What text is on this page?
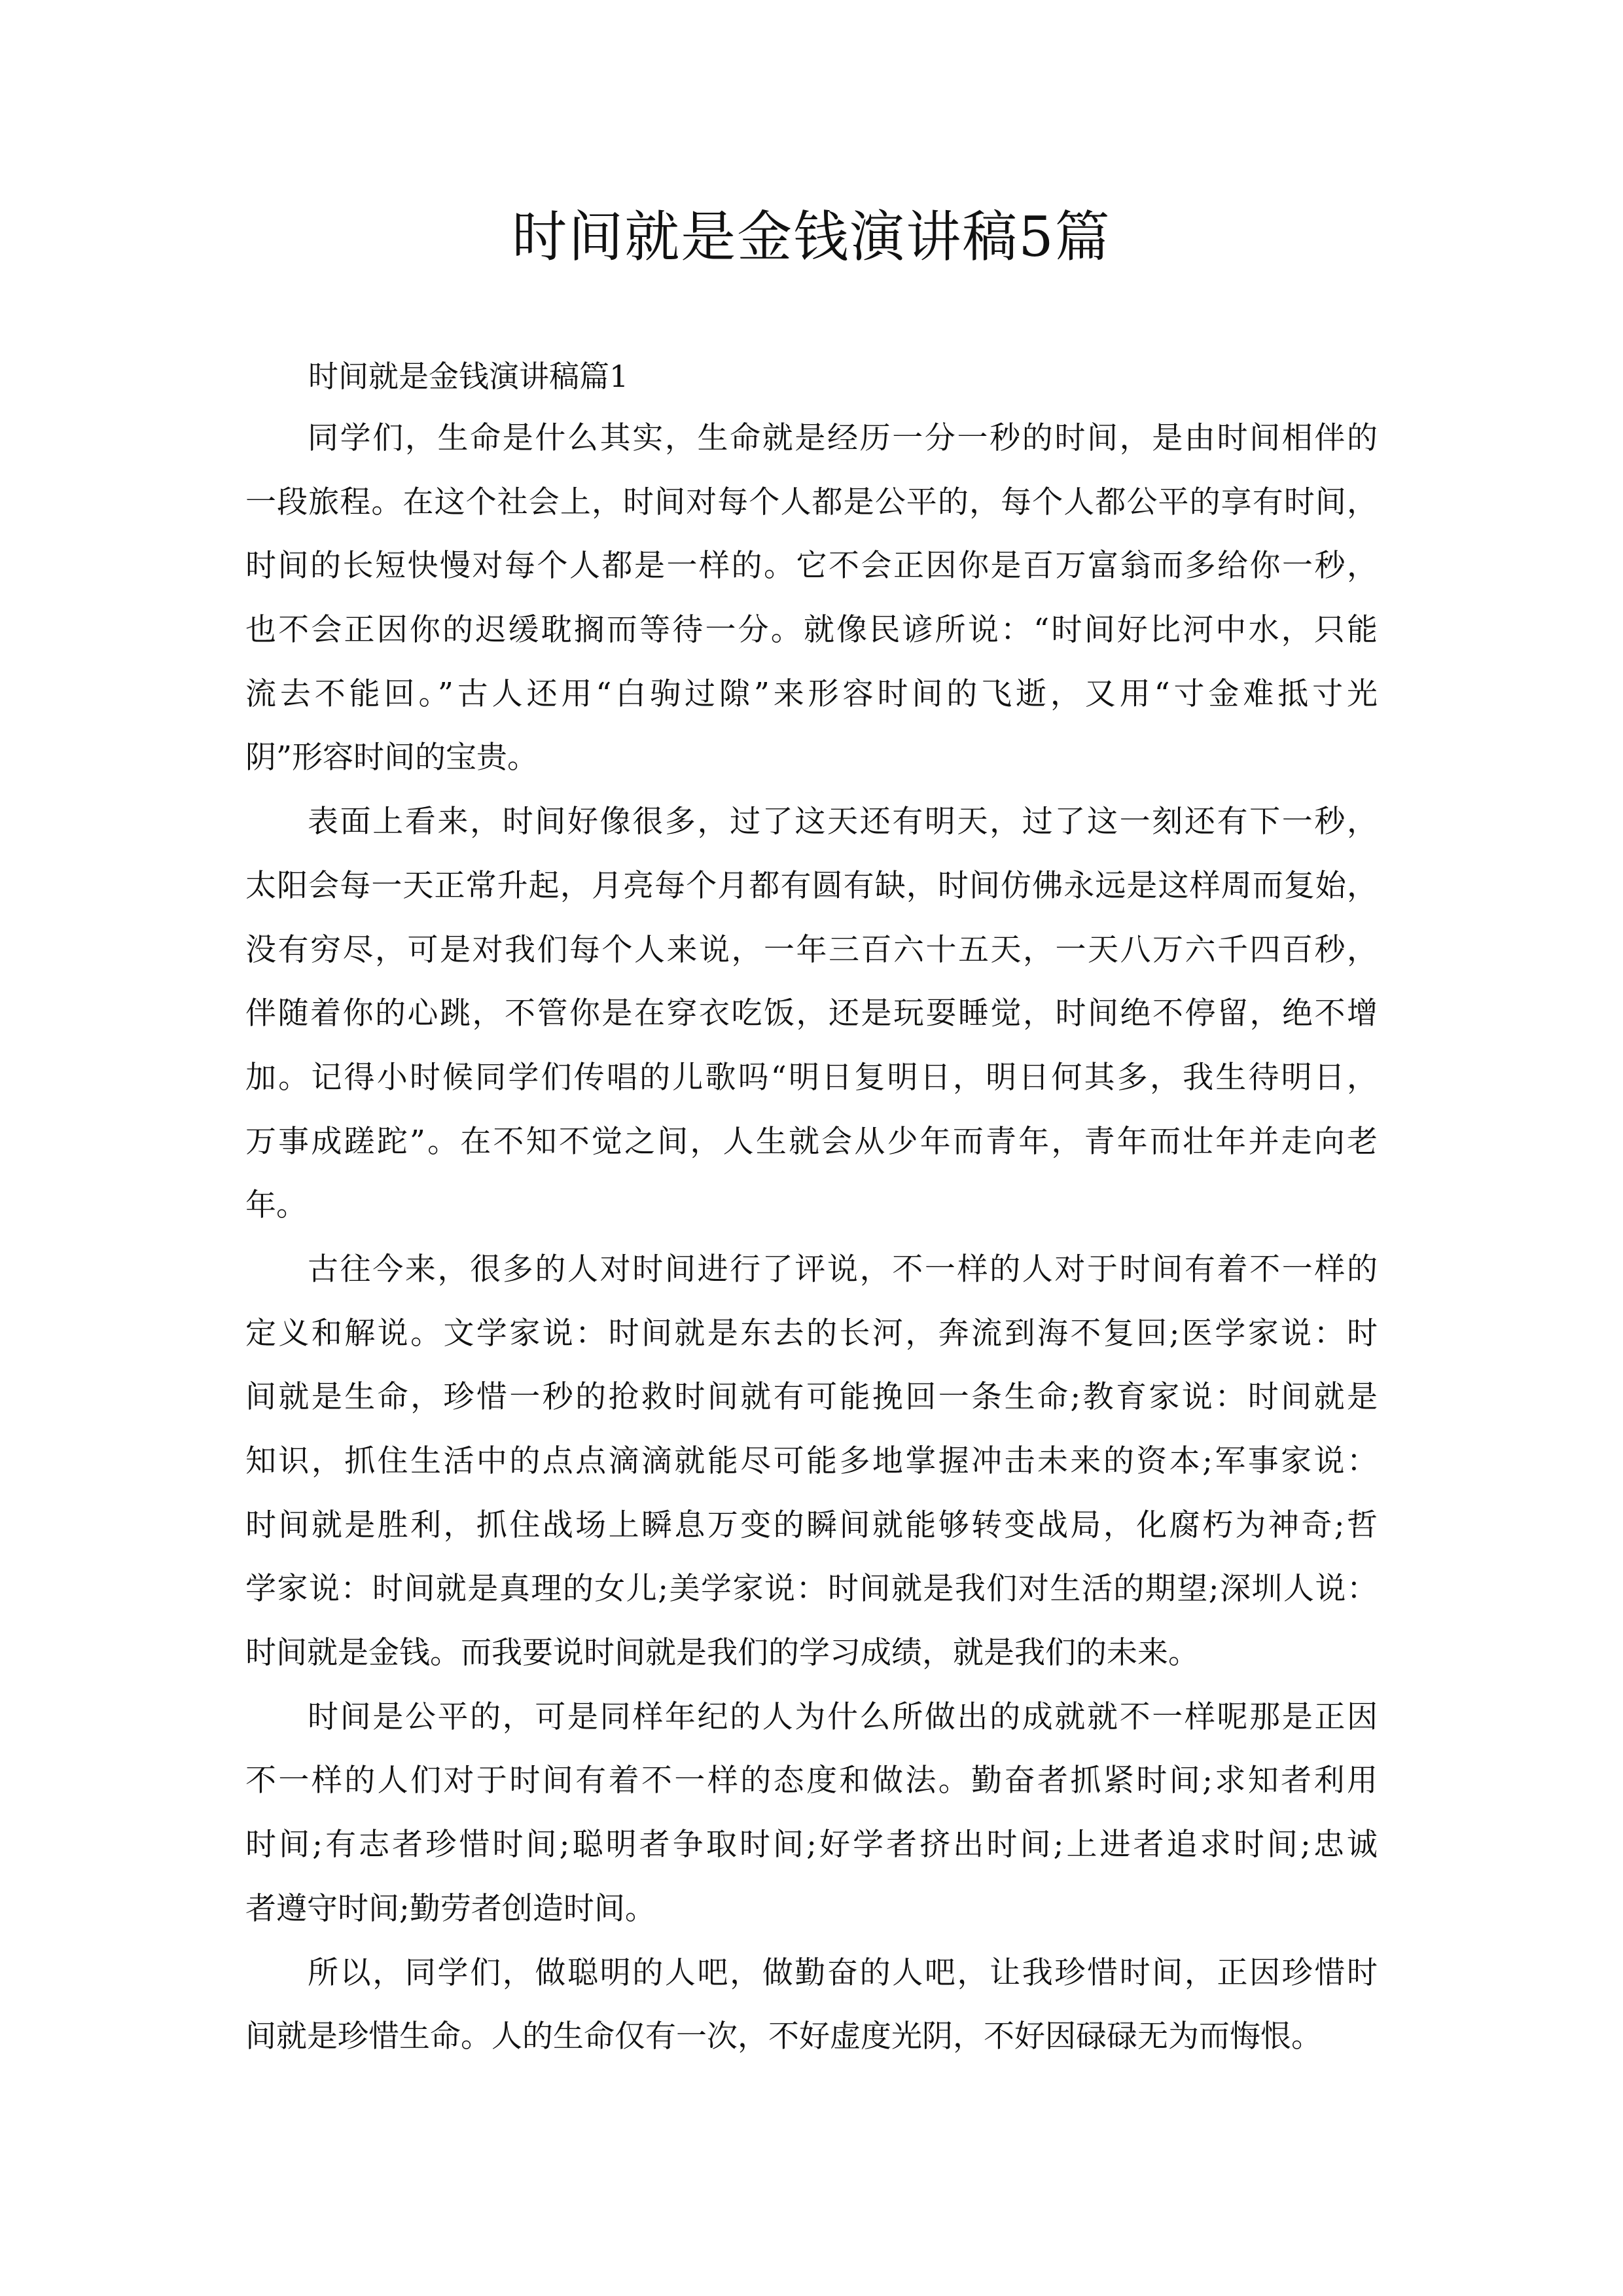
时间就是金钱演讲稿5篇
时间就是金钱演讲稿篇1
同学们，生命是什么其实，生命就是经历一分一秒的时间，是由时间相伴的
一段旅程。在这个社会上，时间对每个人都是公平的，每个人都公平的享有时间，
时间的长短快慢对每个人都是一样的。它不会正因你是百万富翁而多给你一秒，
也不会正因你的迟缓耽搁而等待一分。就像民谚所说：“时间好比河中水，只能
流去不能回。”古人还用“白驹过隙”来形容时间的飞逝，又用“寸金难抵寸光
阴”形容时间的宝贵。
表面上看来，时间好像很多，过了这天还有明天，过了这一刻还有下一秒，
太阳会每一天正常升起，月亮每个月都有圆有缺，时间仿佛永远是这样周而复始，
没有穷尽，可是对我们每个人来说，一年三百六十五天，一天八万六千四百秒，
伴随着你的心跳，不管你是在穿衣吃饭，还是玩耍睡觉，时间绝不停留，绝不增
加。记得小时候同学们传唱的儿歌吗“明日复明日，明日何其多，我生待明日，
万事成蹉跎”。在不知不觉之间，人生就会从少年而青年，青年而壮年并走向老
年。
古往今来，很多的人对时间进行了评说，不一样的人对于时间有着不一样的
定义和解说。文学家说：时间就是东去的长河，奔流到海不复回;医学家说：时
间就是生命，珍惜一秒的抢救时间就有可能挽回一条生命;教育家说：时间就是
知识，抓住生活中的点点滴滴就能尽可能多地掌握冲击未来的资本;军事家说：
时间就是胜利，抓住战场上瞬息万变的瞬间就能够转变战局，化腐朽为神奇;哲
学家说：时间就是真理的女儿;美学家说：时间就是我们对生活的期望;深圳人说：
时间就是金钱。而我要说时间就是我们的学习成绩，就是我们的未来。
时间是公平的，可是同样年纪的人为什么所做出的成就就不一样呢那是正因
不一样的人们对于时间有着不一样的态度和做法。勤奋者抓紧时间;求知者利用
时间;有志者珍惜时间;聪明者争取时间;好学者挤出时间;上进者追求时间;忠诚
者遵守时间;勤劳者创造时间。
所以，同学们，做聪明的人吧，做勤奋的人吧，让我珍惜时间，正因珍惜时
间就是珍惜生命。人的生命仅有一次，不好虚度光阴，不好因碌碌无为而悔恨。
